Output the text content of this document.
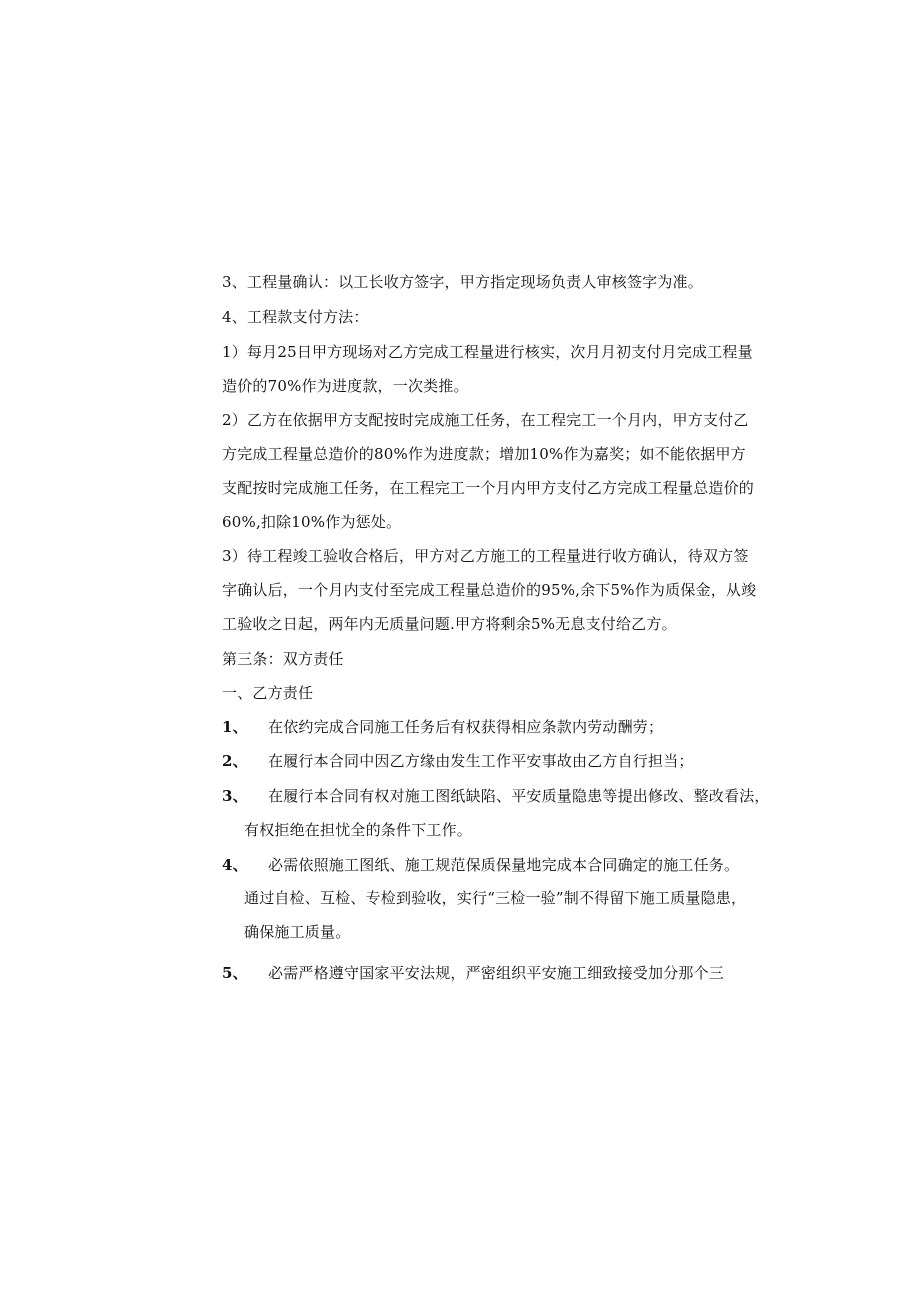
3、工程量确认：以工长收方签字，甲方指定现场负责人审核签字为准。
4、工程款支付方法：
1）每月25日甲方现场对乙方完成工程量进行核实，次月月初支付月完成工程量
造价的70%作为进度款，一次类推。
2）乙方在依据甲方支配按时完成施工任务，在工程完工一个月内，甲方支付乙
方完成工程量总造价的80%作为进度款；增加10%作为嘉奖；如不能依据甲方
支配按时完成施工任务，在工程完工一个月内甲方支付乙方完成工程量总造价的
60%,扣除10%作为惩处。
3）待工程竣工验收合格后，甲方对乙方施工的工程量进行收方确认，待双方签
字确认后，一个月内支付至完成工程量总造价的95%,余下5%作为质保金，从竣
工验收之日起，两年内无质量问题.甲方将剩余5%无息支付给乙方。
第三条：双方责任
一、乙方责任
1、 在依约完成合同施工任务后有权获得相应条款内劳动酬劳；
2、 在履行本合同中因乙方缘由发生工作平安事故由乙方自行担当；
3、 在履行本合同有权对施工图纸缺陷、平安质量隐患等提出修改、整改看法，
有权拒绝在担忧全的条件下工作。
4、 必需依照施工图纸、施工规范保质保量地完成本合同确定的施工任务。
通过自检、互检、专检到验收，实行“三检一验”制不得留下施工质量隐患，
确保施工质量。
5、 必需严格遵守国家平安法规，严密组织平安施工细致接受加分那个三
